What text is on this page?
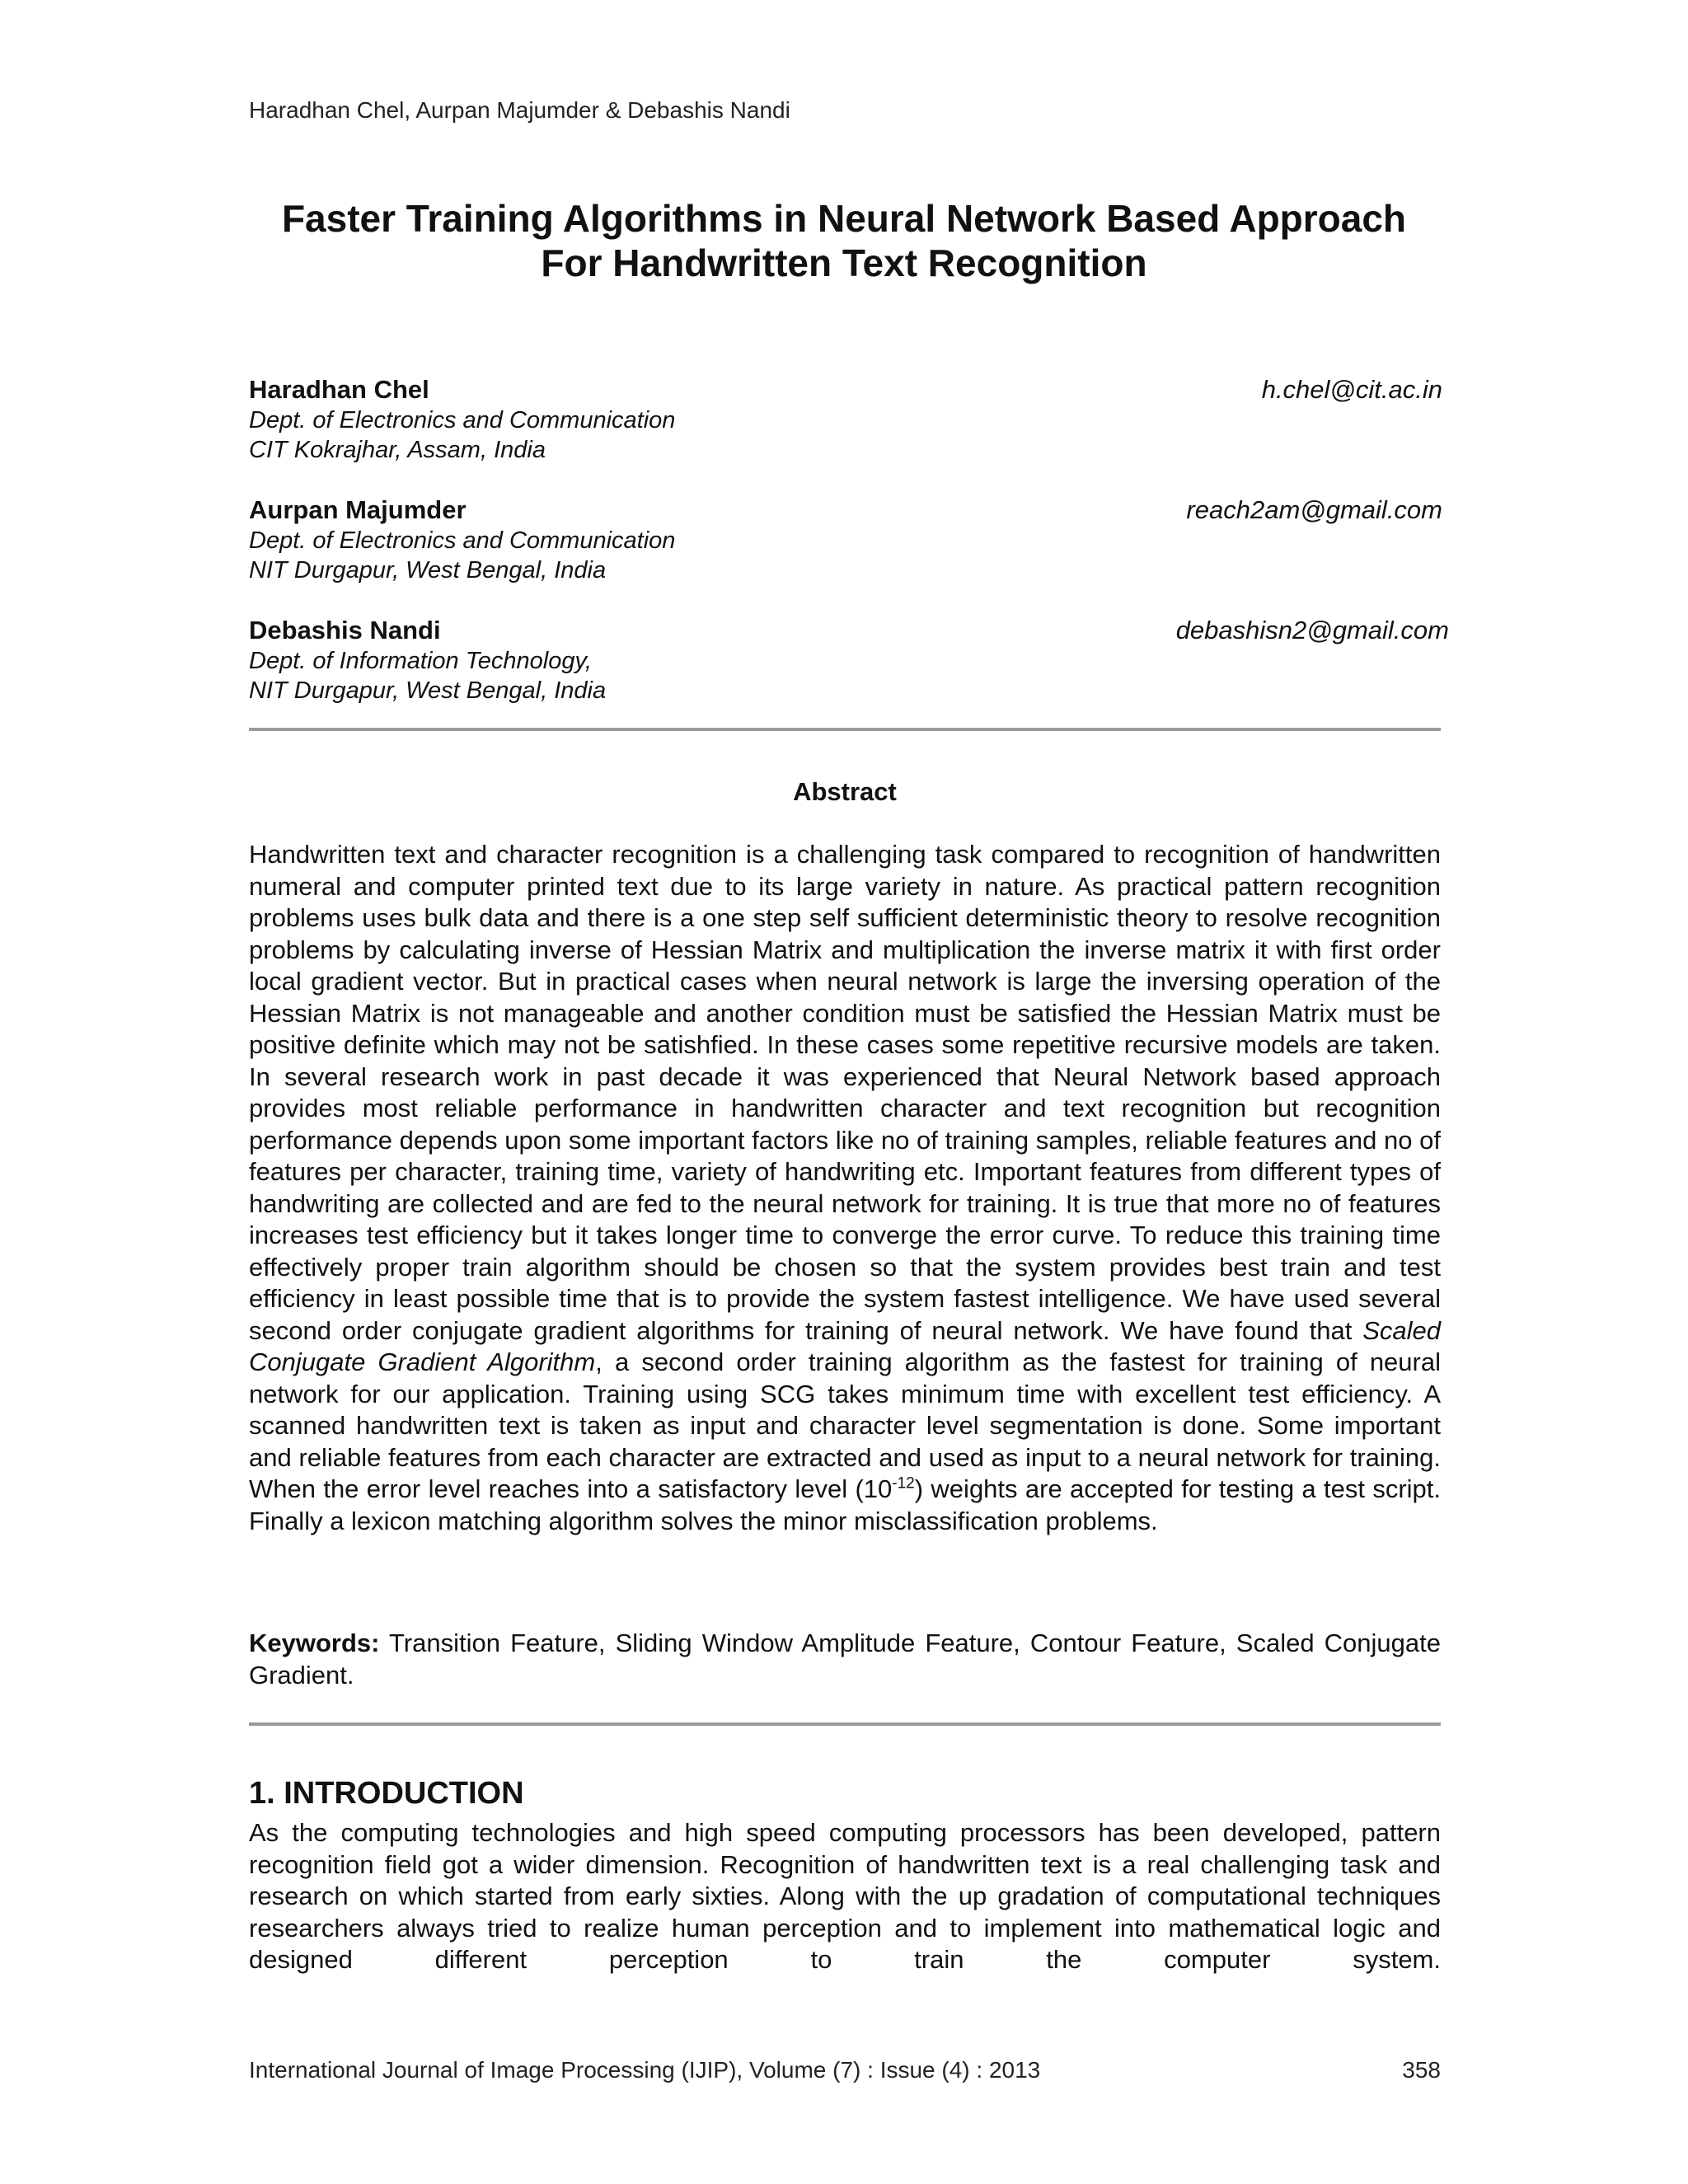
Haradhan Chel, Aurpan Majumder & Debashis Nandi
Faster Training Algorithms in Neural Network Based Approach
For Handwritten Text Recognition
Haradhan Chel
Dept. of Electronics and Communication
CIT Kokrajhar, Assam, India
h.chel@cit.ac.in
Aurpan Majumder
Dept. of Electronics and Communication
NIT Durgapur, West Bengal, India
reach2am@gmail.com
Debashis Nandi
Dept. of Information Technology,
NIT Durgapur, West Bengal, India
debashisn2@gmail.com
Abstract
Handwritten text and character recognition is a challenging task compared to recognition of handwritten numeral and computer printed text due to its large variety in nature. As practical pattern recognition problems uses bulk data and there is a one step self sufficient deterministic theory to resolve recognition problems by calculating inverse of Hessian Matrix and multiplication the inverse matrix it with first order local gradient vector. But in practical cases when neural network is large the inversing operation of the Hessian Matrix is not manageable and another condition must be satisfied the Hessian Matrix must be positive definite which may not be satishfied. In these cases some repetitive recursive models are taken. In several research work in past decade it was experienced that Neural Network based approach provides most reliable performance in handwritten character and text recognition but recognition performance depends upon some important factors like no of training samples, reliable features and no of features per character, training time, variety of handwriting etc. Important features from different types of handwriting are collected and are fed to the neural network for training. It is true that more no of features increases test efficiency but it takes longer time to converge the error curve. To reduce this training time effectively proper train algorithm should be chosen so that the system provides best train and test efficiency in least possible time that is to provide the system fastest intelligence. We have used several second order conjugate gradient algorithms for training of neural network. We have found that Scaled Conjugate Gradient Algorithm, a second order training algorithm as the fastest for training of neural network for our application. Training using SCG takes minimum time with excellent test efficiency. A scanned handwritten text is taken as input and character level segmentation is done. Some important and reliable features from each character are extracted and used as input to a neural network for training. When the error level reaches into a satisfactory level $(10^{-12})$ weights are accepted for testing a test script. Finally a lexicon matching algorithm solves the minor misclassification problems.
Keywords: Transition Feature, Sliding Window Amplitude Feature, Contour Feature, Scaled Conjugate Gradient.
1. INTRODUCTION
As the computing technologies and high speed computing processors has been developed, pattern recognition field got a wider dimension. Recognition of handwritten text is a real challenging task and research on which started from early sixties. Along with the up gradation of computational techniques researchers always tried to realize human perception and to implement into mathematical logic and designed different perception to train the computer system.
International Journal of Image Processing (IJIP), Volume (7) : Issue (4) : 2013	358
